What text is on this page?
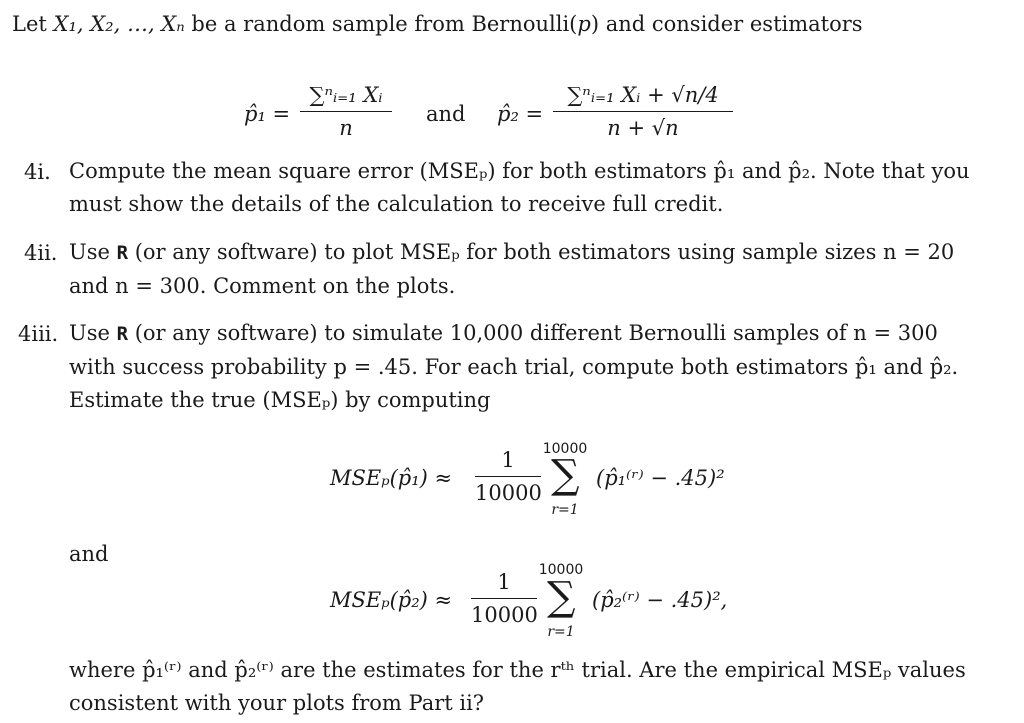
Let X₁, X₂, …, Xₙ be a random sample from Bernoulli(p) and consider estimators
p̂₁ =
∑ⁿᵢ₌₁ Xᵢ
n
and p̂₂ =
∑ⁿᵢ₌₁ Xᵢ + √n/4
n + √n
4i. Compute the mean square error (MSEₚ) for both estimators p̂₁ and p̂₂. Note that you
must show the details of the calculation to receive full credit.
4ii. Use R (or any software) to plot MSEₚ for both estimators using sample sizes n = 20
and n = 300. Comment on the plots.
4iii. Use R (or any software) to simulate 10,000 different Bernoulli samples of n = 300
with success probability p = .45. For each trial, compute both estimators p̂₁ and p̂₂.
Estimate the true (MSEₚ) by computing
MSEₚ(p̂₁) ≈
1
10000
10000
∑
r=1
(p̂₁⁽ʳ⁾ − .45)²
and
MSEₚ(p̂₂) ≈
1
10000
10000
∑
r=1
(p̂₂⁽ʳ⁾ − .45)²,
where p̂₁⁽ʳ⁾ and p̂₂⁽ʳ⁾ are the estimates for the rᵗʰ trial. Are the empirical MSEₚ values
consistent with your plots from Part ii?
